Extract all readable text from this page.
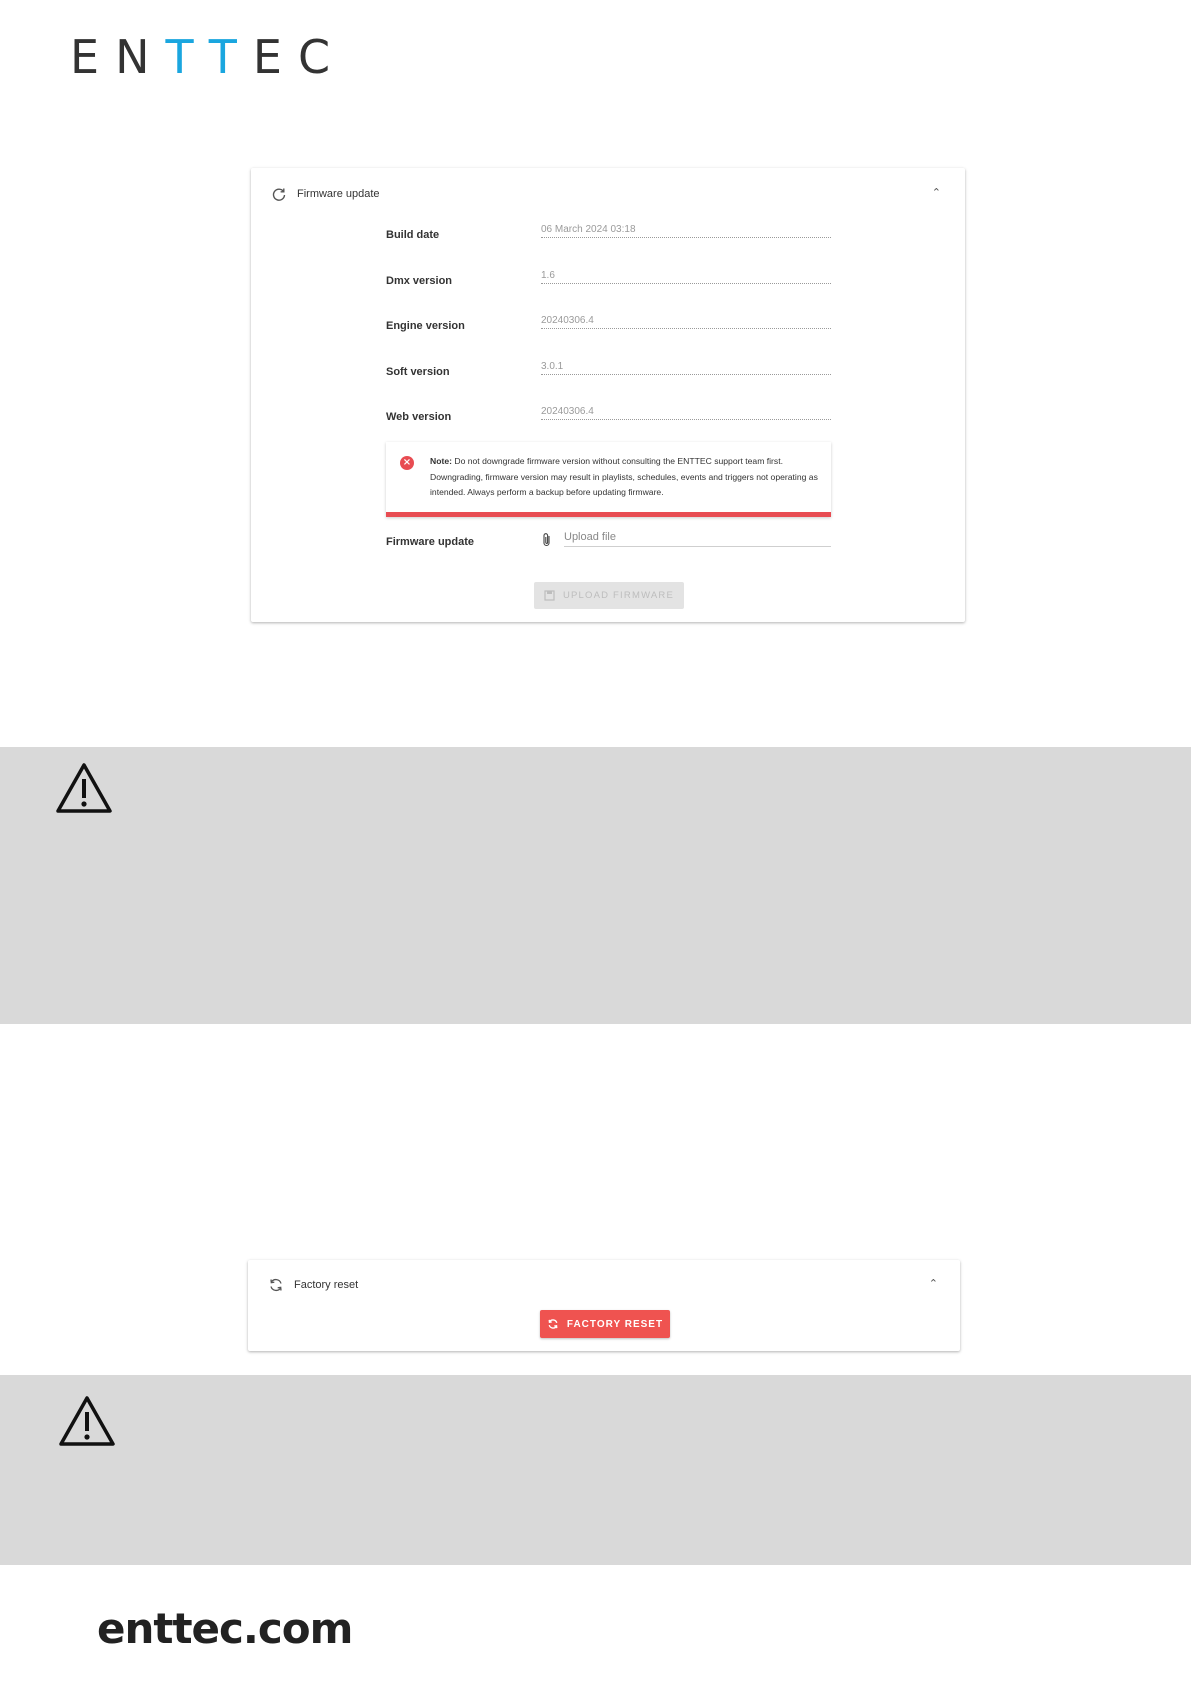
ENTTEC
Firmware update	⌃
Build date	06 March 2024 03:18
Dmx version	1.6
Engine version	20240306.4
Soft version	3.0.1
Web version	20240306.4
×	Note: Do not downgrade firmware version without consulting the ENTTEC support team first. Downgrading, firmware version may result in playlists, schedules, events and triggers not operating as intended. Always perform a backup before updating firmware.
Firmware update	Upload file
UPLOAD FIRMWARE
Factory reset	⌃
FACTORY RESET
enttec.com
